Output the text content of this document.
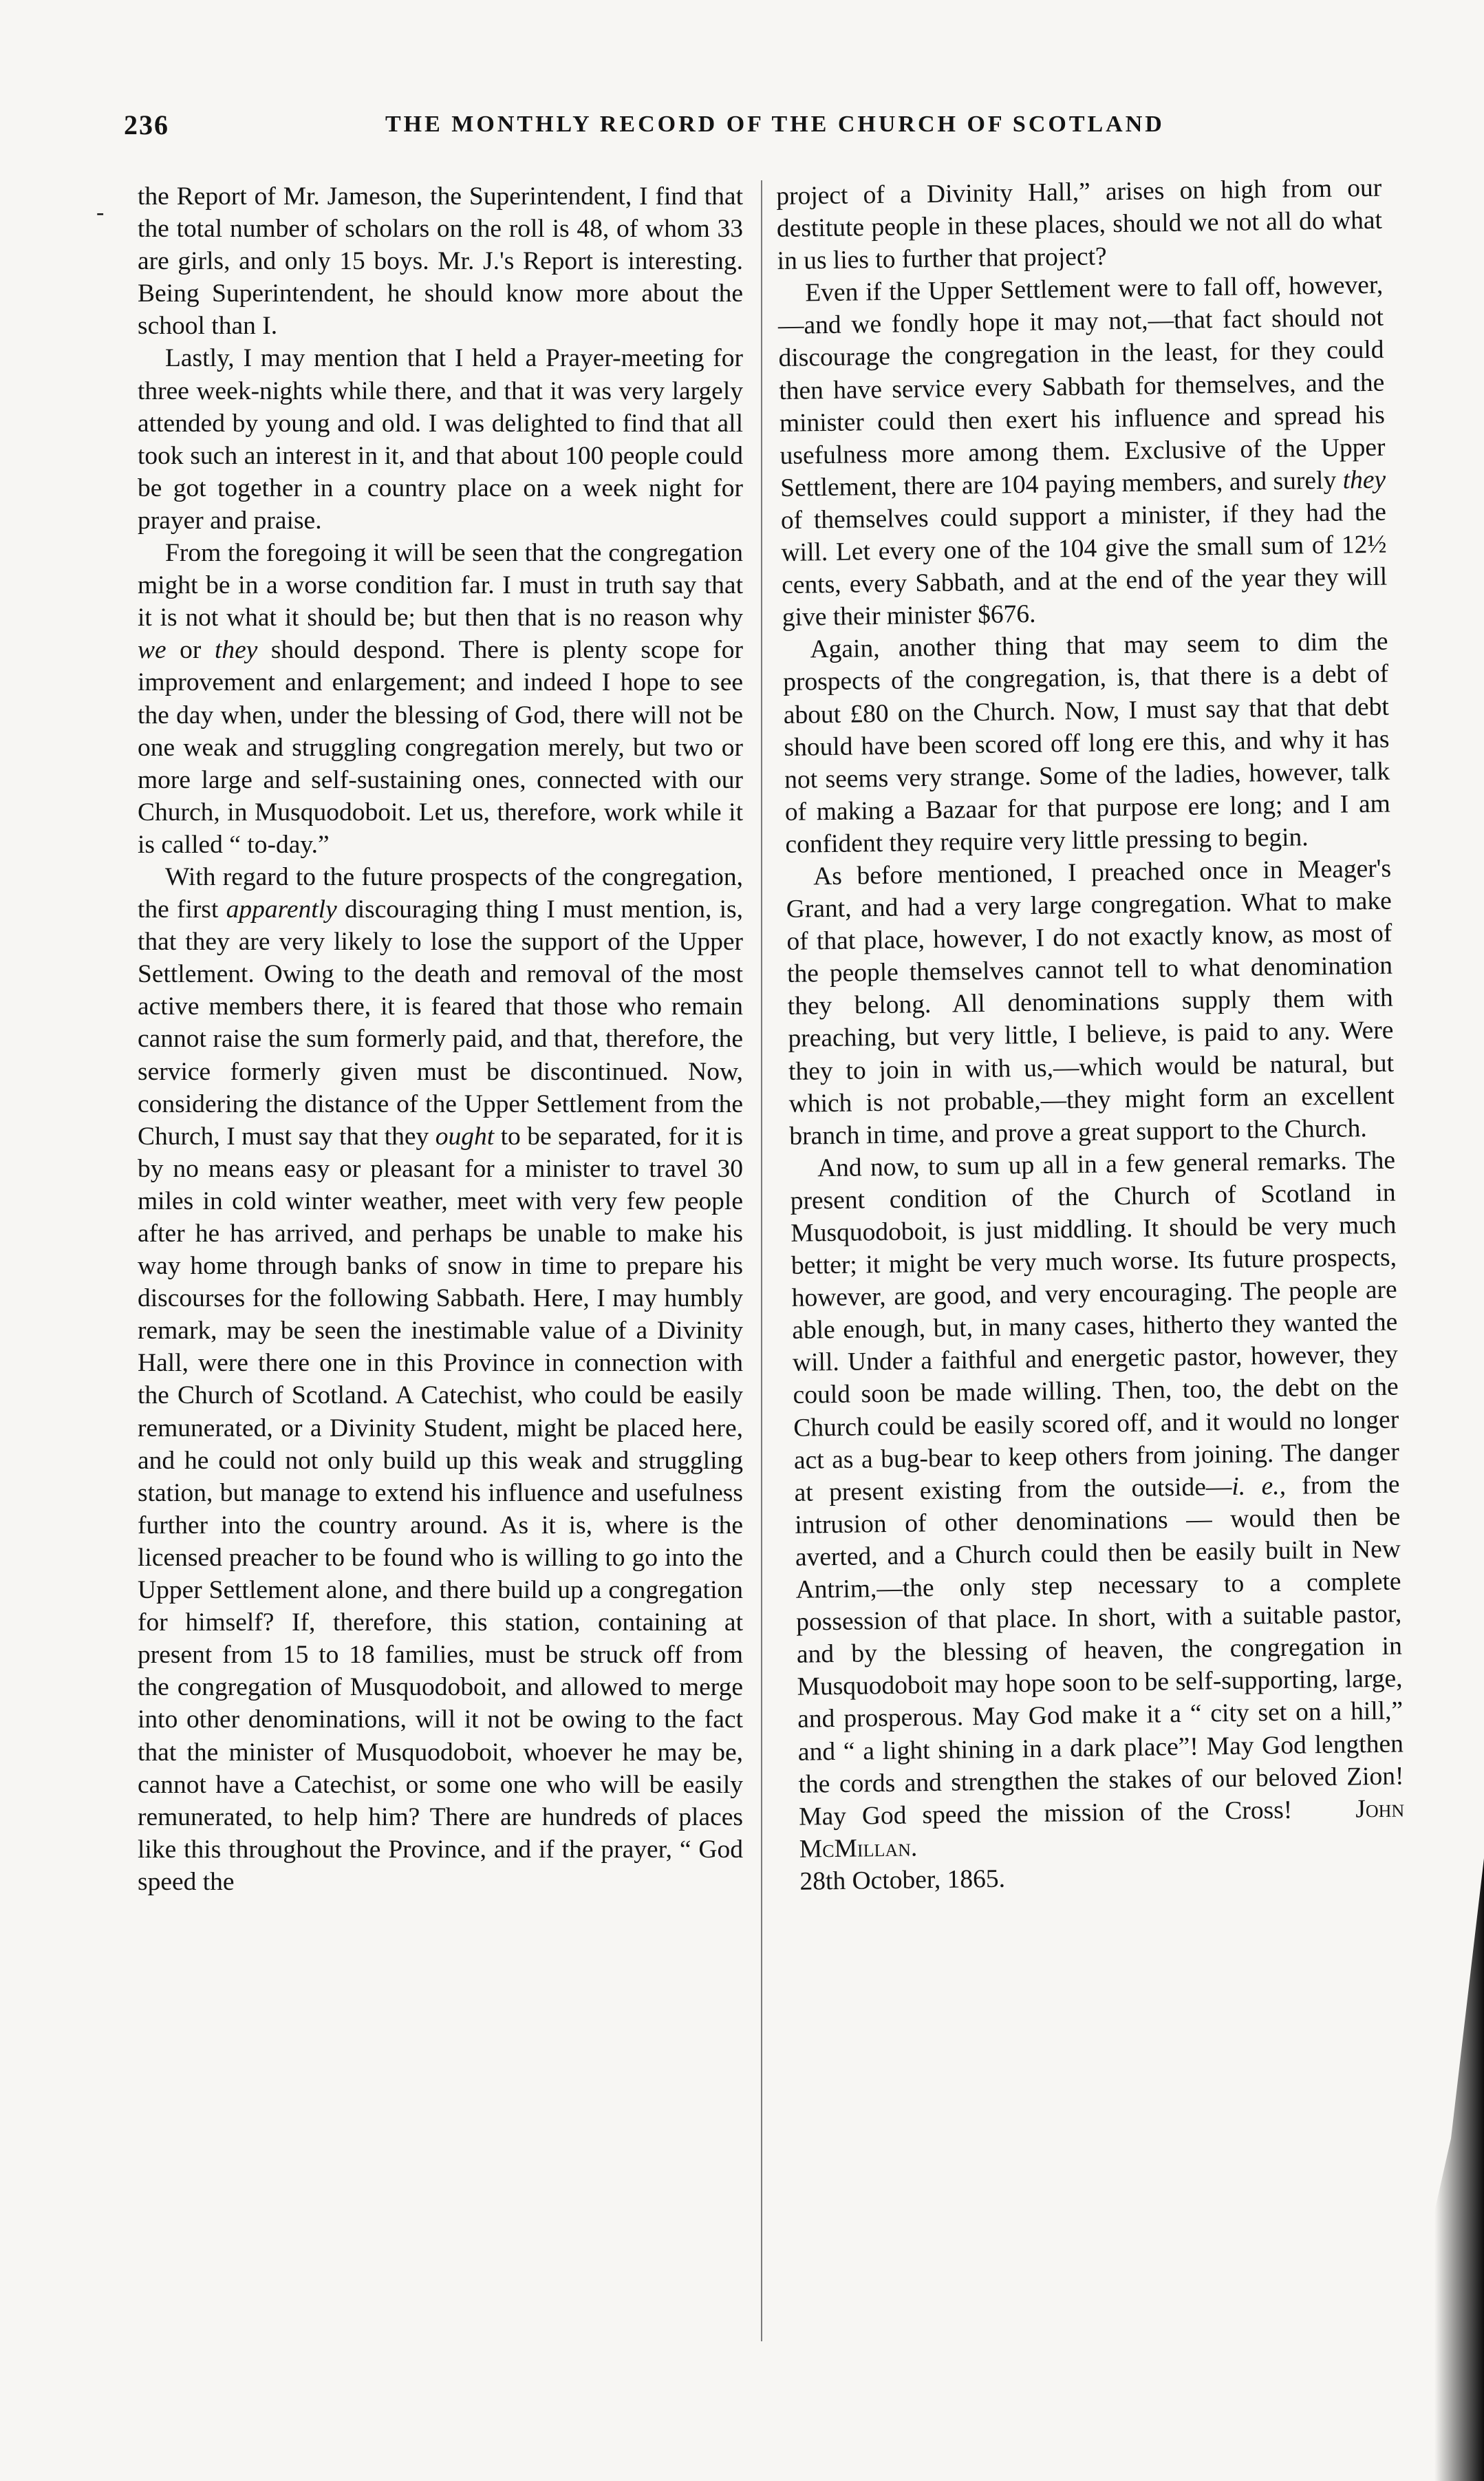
236	THE MONTHLY RECORD OF THE CHURCH OF SCOTLAND
-

the Report of Mr. Jameson, the Superintendent, I find that the total number of scholars on the roll is 48, of whom 33 are girls, and only 15 boys. Mr. J.'s Report is interesting. Being Superintendent, he should know more about the school than I.

Lastly, I may mention that I held a Prayer-meeting for three week-nights while there, and that it was very largely attended by young and old. I was delighted to find that all took such an interest in it, and that about 100 people could be got together in a country place on a week night for prayer and praise.

From the foregoing it will be seen that the congregation might be in a worse condition far. I must in truth say that it is not what it should be; but then that is no reason why we or they should despond. There is plenty scope for improvement and enlargement; and indeed I hope to see the day when, under the blessing of God, there will not be one weak and struggling congregation merely, but two or more large and self-sustaining ones, connected with our Church, in Musquodoboit. Let us, therefore, work while it is called “ to-day.”

With regard to the future prospects of the congregation, the first apparently discouraging thing I must mention, is, that they are very likely to lose the support of the Upper Settlement. Owing to the death and removal of the most active members there, it is feared that those who remain cannot raise the sum formerly paid, and that, therefore, the service formerly given must be discontinued. Now, considering the distance of the Upper Settlement from the Church, I must say that they ought to be separated, for it is by no means easy or pleasant for a minister to travel 30 miles in cold winter weather, meet with very few people after he has arrived, and perhaps be unable to make his way home through banks of snow in time to prepare his discourses for the following Sabbath. Here, I may humbly remark, may be seen the inestimable value of a Divinity Hall, were there one in this Province in connection with the Church of Scotland. A Catechist, who could be easily remunerated, or a Divinity Student, might be placed here, and he could not only build up this weak and struggling station, but manage to extend his influence and usefulness further into the country around. As it is, where is the licensed preacher to be found who is willing to go into the Upper Settlement alone, and there build up a congregation for himself? If, therefore, this station, containing at present from 15 to 18 families, must be struck off from the congregation of Musquodoboit, and allowed to merge into other denominations, will it not be owing to the fact that the minister of Musquodoboit, whoever he may be, cannot have a Catechist, or some one who will be easily remunerated, to help him? There are hundreds of places like this throughout the Province, and if the prayer, “ God speed the

project of a Divinity Hall,” arises on high from our destitute people in these places, should we not all do what in us lies to further that project?

Even if the Upper Settlement were to fall off, however,—and we fondly hope it may not,—that fact should not discourage the congregation in the least, for they could then have service every Sabbath for themselves, and the minister could then exert his influence and spread his usefulness more among them. Exclusive of the Upper Settlement, there are 104 paying members, and surely they of themselves could support a minister, if they had the will. Let every one of the 104 give the small sum of 12½ cents, every Sabbath, and at the end of the year they will give their minister $676.

Again, another thing that may seem to dim the prospects of the congregation, is, that there is a debt of about £80 on the Church. Now, I must say that that debt should have been scored off long ere this, and why it has not seems very strange. Some of the ladies, however, talk of making a Bazaar for that purpose ere long; and I am confident they require very little pressing to begin.

As before mentioned, I preached once in Meager's Grant, and had a very large congregation. What to make of that place, however, I do not exactly know, as most of the people themselves cannot tell to what denomination they belong. All denominations supply them with preaching, but very little, I believe, is paid to any. Were they to join in with us,—which would be natural, but which is not probable,—they might form an excellent branch in time, and prove a great support to the Church.

And now, to sum up all in a few general remarks. The present condition of the Church of Scotland in Musquodoboit, is just middling. It should be very much better; it might be very much worse. Its future prospects, however, are good, and very encouraging. The people are able enough, but, in many cases, hitherto they wanted the will. Under a faithful and energetic pastor, however, they could soon be made willing. Then, too, the debt on the Church could be easily scored off, and it would no longer act as a bug-bear to keep others from joining. The danger at present existing from the outside—i. e., from the intrusion of other denominations — would then be averted, and a Church could then be easily built in New Antrim,—the only step necessary to a complete possession of that place. In short, with a suitable pastor, and by the blessing of heaven, the congregation in Musquodoboit may hope soon to be self-supporting, large, and prosperous. May God make it a “ city set on a hill,” and “ a light shining in a dark place”! May God lengthen the cords and strengthen the stakes of our beloved Zion! May God speed the mission of the Cross! John McMillan.

28th October, 1865.
